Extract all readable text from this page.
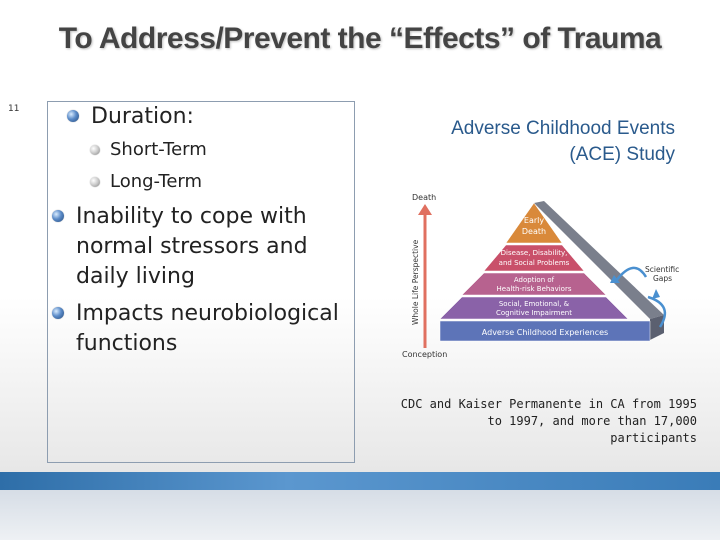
To Address/Prevent the “Effects” of Trauma
11	Duration:
Short-Term
Long-Term
Inability to cope with normal stressors and daily living
Impacts neurobiological functions
Adverse Childhood Events (ACE) Study
Death
Conception
Whole Life Perspective
Early
Death
Disease, Disability,
and Social Problems
Adoption of
Health-risk Behaviors
Social, Emotional, &
Cognitive Impairment
Adverse Childhood Experiences
Scientific
Gaps
CDC and Kaiser Permanente in CA from 1995 to 1997, and more than 17,000 participants
